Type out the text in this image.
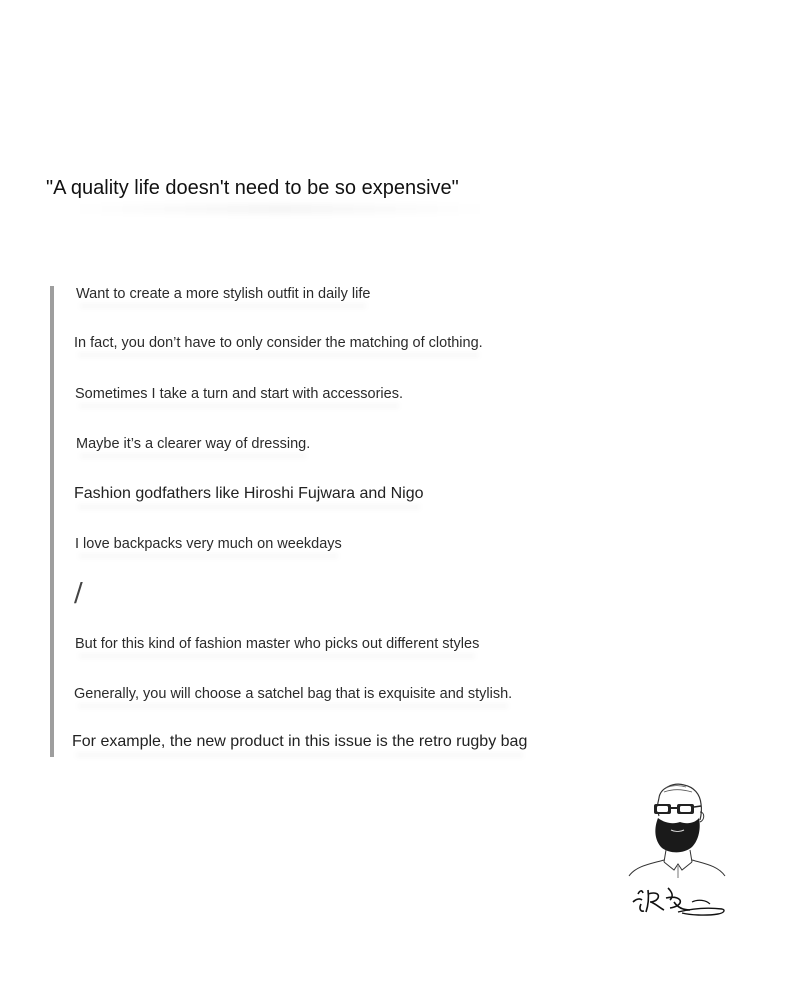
"A quality life doesn't need to be so expensive"
Want to create a more stylish outfit in daily life
In fact, you don’t have to only consider the matching of clothing.
Sometimes I take a turn and start with accessories.
Maybe it’s a clearer way of dressing.
Fashion godfathers like Hiroshi Fujwara and Nigo
I love backpacks very much on weekdays
/
But for this kind of fashion master who picks out different styles
Generally, you will choose a satchel bag that is exquisite and stylish.
For example, the new product in this issue is the retro rugby bag
